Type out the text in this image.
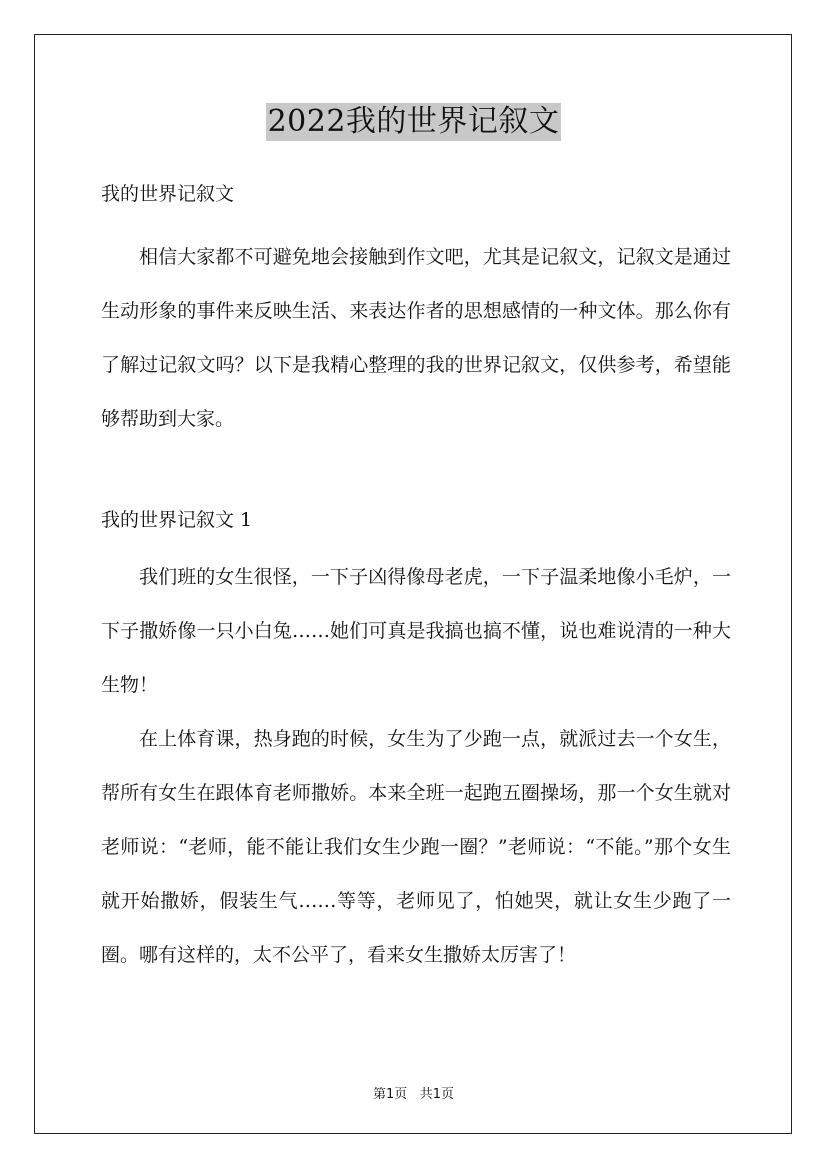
2022我的世界记叙文

我的世界记叙文

相信大家都不可避免地会接触到作文吧，尤其是记叙文，记叙文是通过生动形象的事件来反映生活、来表达作者的思想感情的一种文体。那么你有了解过记叙文吗？以下是我精心整理的我的世界记叙文，仅供参考，希望能够帮助到大家。

我的世界记叙文 1

我们班的女生很怪，一下子凶得像母老虎，一下子温柔地像小毛炉，一下子撒娇像一只小白兔……她们可真是我搞也搞不懂，说也难说清的一种大生物！

在上体育课，热身跑的时候，女生为了少跑一点，就派过去一个女生，帮所有女生在跟体育老师撒娇。本来全班一起跑五圈操场，那一个女生就对老师说：“老师，能不能让我们女生少跑一圈？”老师说：“不能。”那个女生就开始撒娇，假装生气……等等，老师见了，怕她哭，就让女生少跑了一圈。哪有这样的，太不公平了，看来女生撒娇太厉害了！

第1页 共1页
